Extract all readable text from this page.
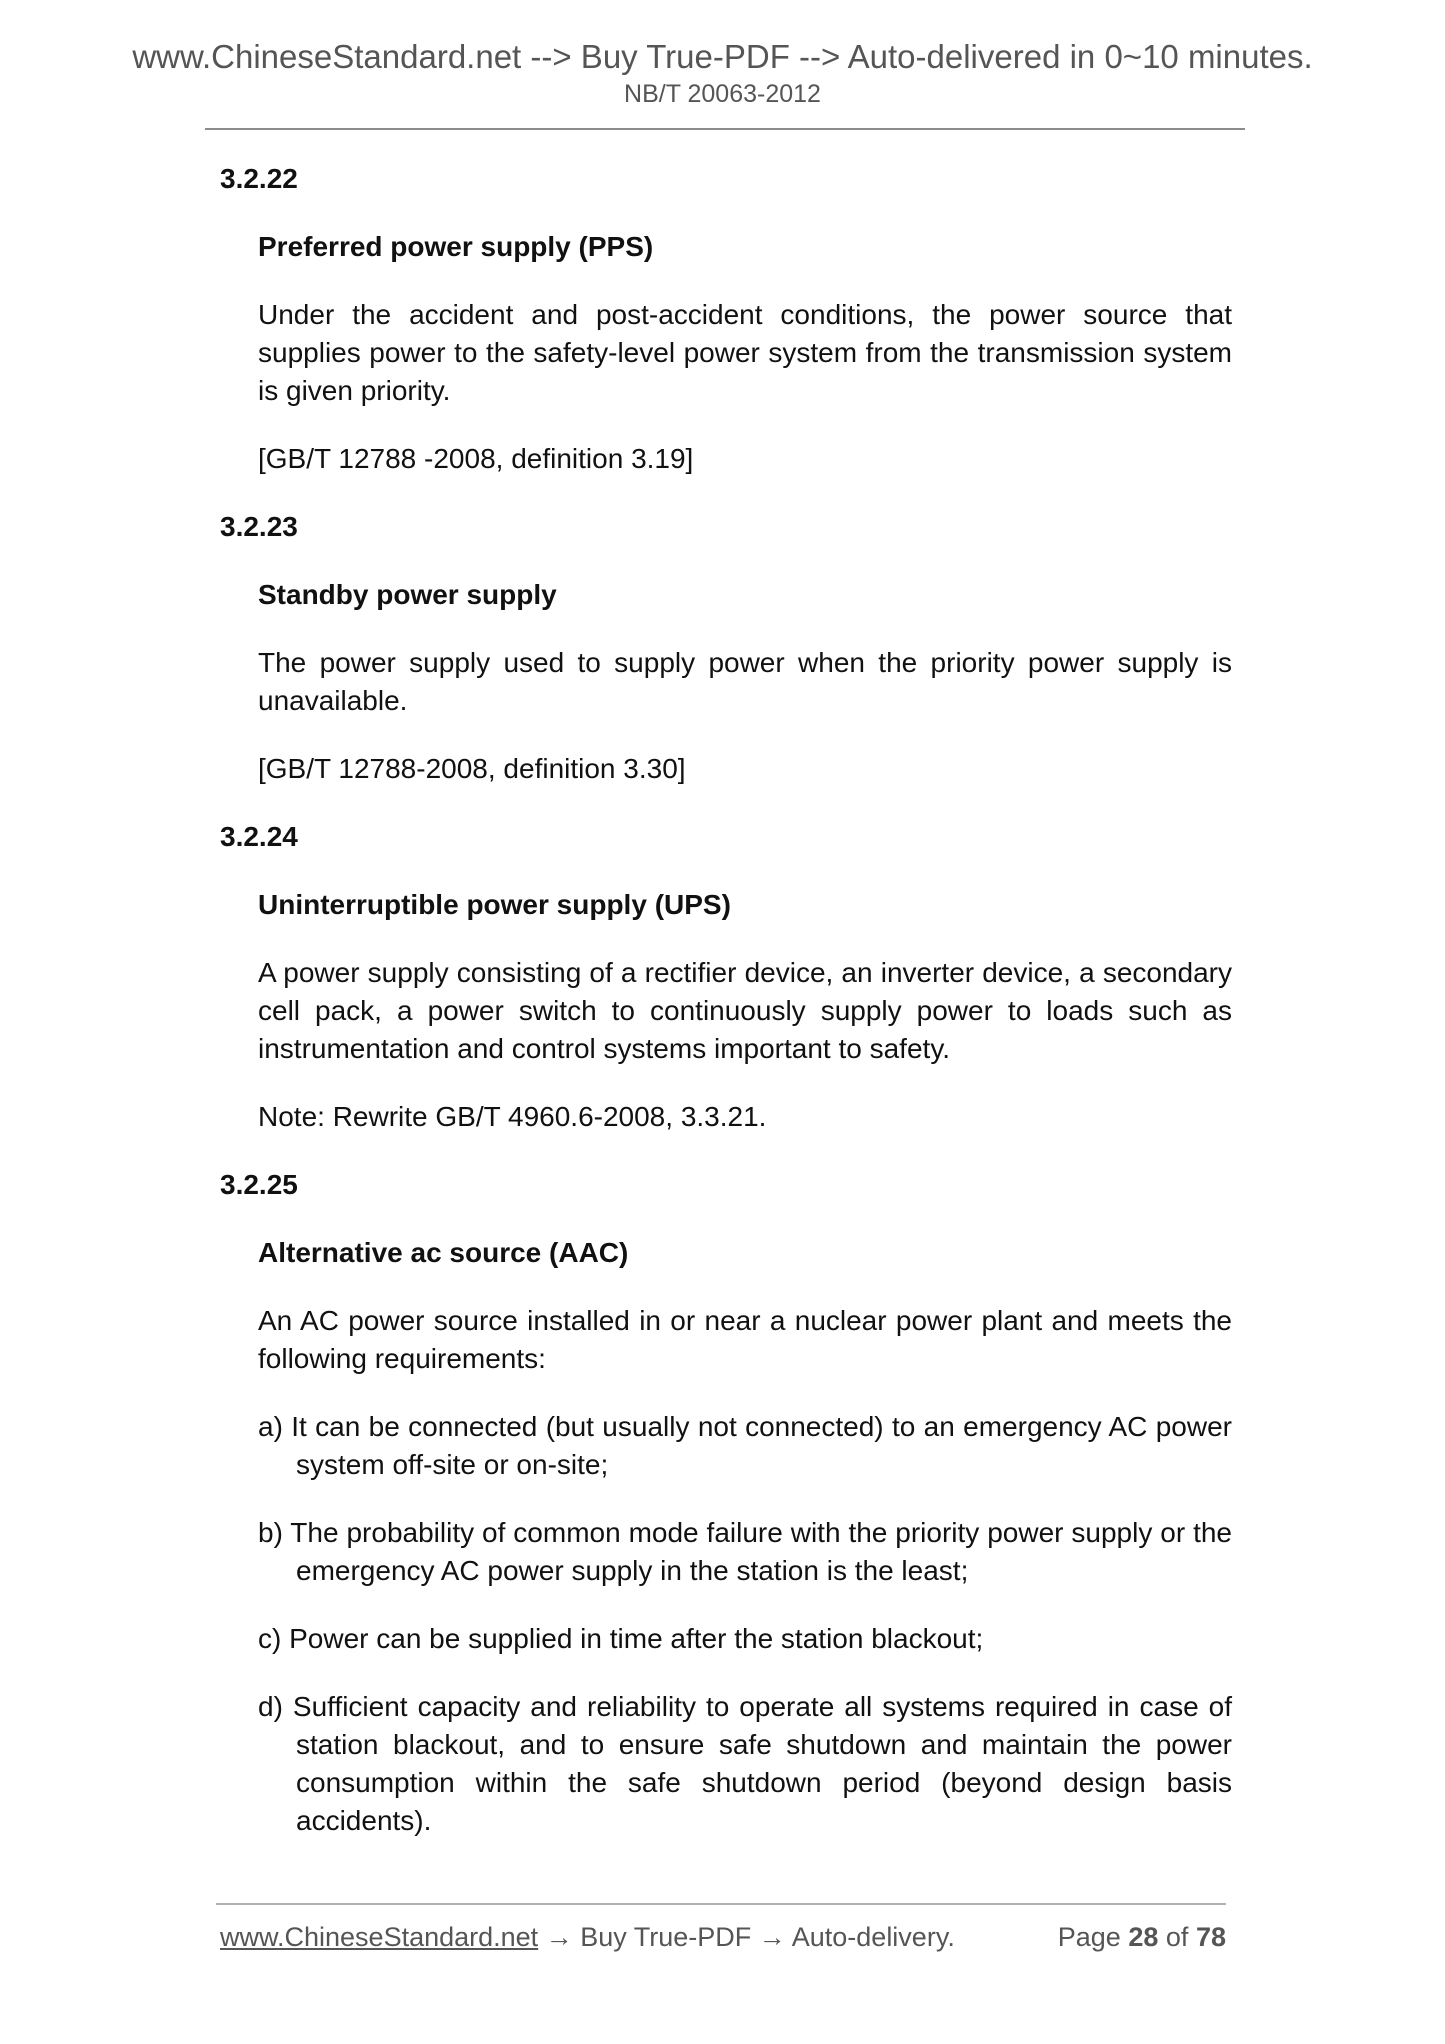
www.ChineseStandard.net --> Buy True-PDF --> Auto-delivered in 0~10 minutes.
NB/T 20063-2012
3.2.22
Preferred power supply (PPS)
Under the accident and post-accident conditions, the power source that supplies power to the safety-level power system from the transmission system is given priority.
[GB/T 12788 -2008, definition 3.19]
3.2.23
Standby power supply
The power supply used to supply power when the priority power supply is unavailable.
[GB/T 12788-2008, definition 3.30]
3.2.24
Uninterruptible power supply (UPS)
A power supply consisting of a rectifier device, an inverter device, a secondary cell pack, a power switch to continuously supply power to loads such as instrumentation and control systems important to safety.
Note: Rewrite GB/T 4960.6-2008, 3.3.21.
3.2.25
Alternative ac source (AAC)
An AC power source installed in or near a nuclear power plant and meets the following requirements:
a) It can be connected (but usually not connected) to an emergency AC power system off-site or on-site;
b) The probability of common mode failure with the priority power supply or the emergency AC power supply in the station is the least;
c) Power can be supplied in time after the station blackout;
d) Sufficient capacity and reliability to operate all systems required in case of station blackout, and to ensure safe shutdown and maintain the power consumption within the safe shutdown period (beyond design basis accidents).
www.ChineseStandard.net → Buy True-PDF → Auto-delivery.	Page 28 of 78
